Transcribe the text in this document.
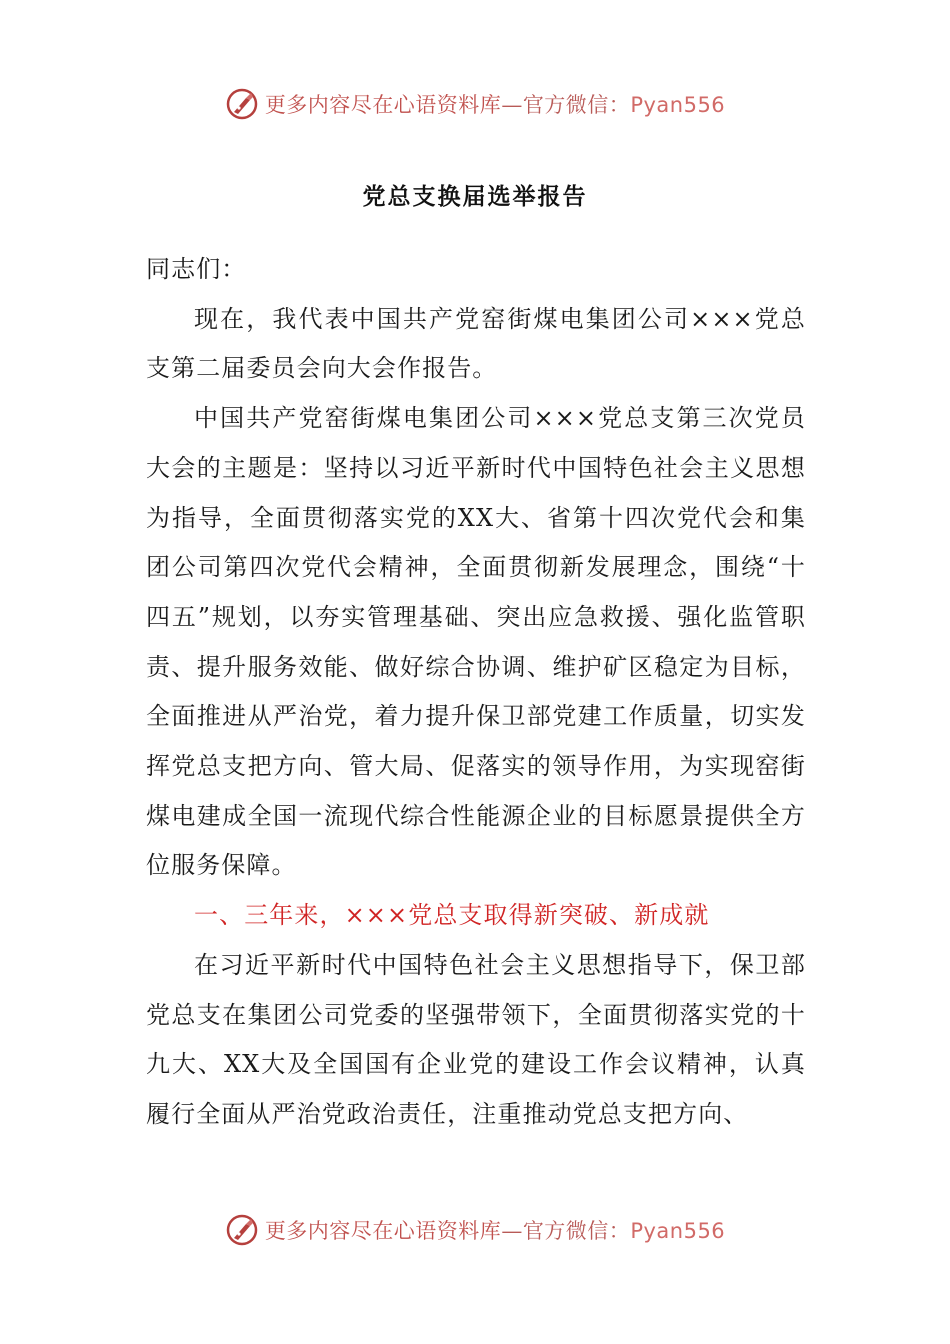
更多内容尽在心语资料库—官方微信：Pyan556
党总支换届选举报告

同志们：

现在，我代表中国共产党窑街煤电集团公司×××党总支第二届委员会向大会作报告。

中国共产党窑街煤电集团公司×××党总支第三次党员大会的主题是：坚持以习近平新时代中国特色社会主义思想为指导，全面贯彻落实党的XX大、省第十四次党代会和集团公司第四次党代会精神，全面贯彻新发展理念，围绕“十四五”规划，以夯实管理基础、突出应急救援、强化监管职责、提升服务效能、做好综合协调、维护矿区稳定为目标，全面推进从严治党，着力提升保卫部党建工作质量，切实发挥党总支把方向、管大局、促落实的领导作用，为实现窑街煤电建成全国一流现代综合性能源企业的目标愿景提供全方位服务保障。

一、三年来，×××党总支取得新突破、新成就

在习近平新时代中国特色社会主义思想指导下，保卫部党总支在集团公司党委的坚强带领下，全面贯彻落实党的十九大、XX大及全国国有企业党的建设工作会议精神，认真履行全面从严治党政治责任，注重推动党总支把方向、

更多内容尽在心语资料库—官方微信：Pyan556
